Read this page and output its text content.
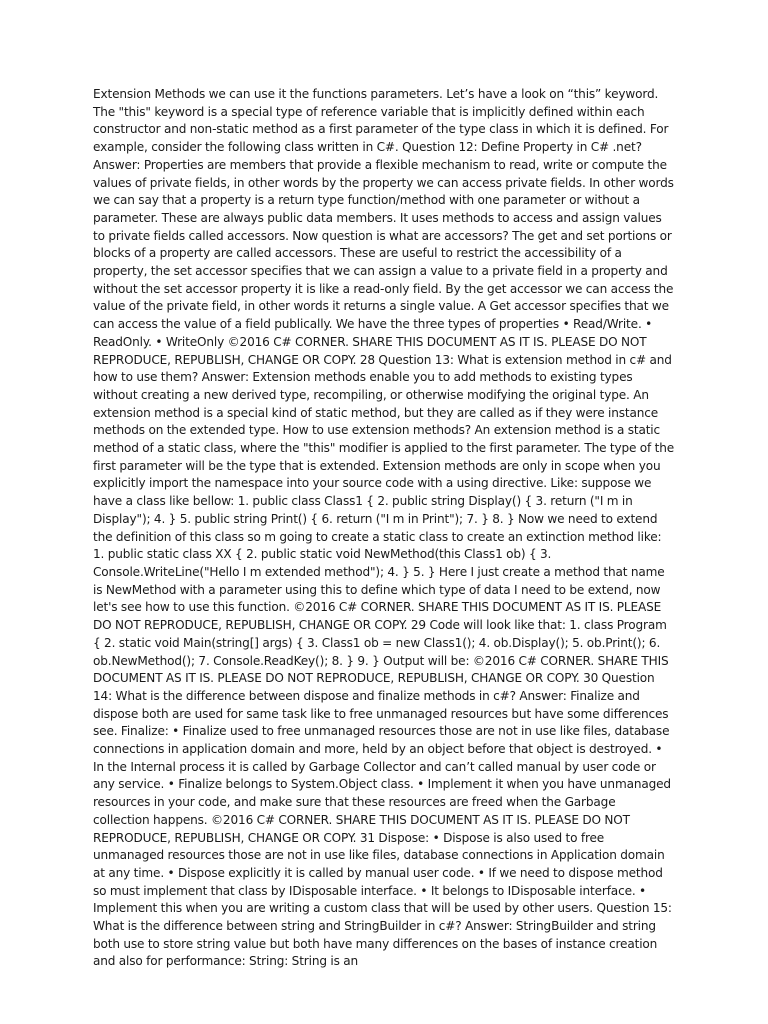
Extension Methods we can use it the functions parameters. Let’s have a look on “this” keyword. The "this" keyword is a special type of reference variable that is implicitly defined within each constructor and non-static method as a first parameter of the type class in which it is defined. For example, consider the following class written in C#. Question 12: Define Property in C# .net? Answer: Properties are members that provide a flexible mechanism to read, write or compute the values of private fields, in other words by the property we can access private fields. In other words we can say that a property is a return type function/method with one parameter or without a parameter. These are always public data members. It uses methods to access and assign values to private fields called accessors. Now question is what are accessors? The get and set portions or blocks of a property are called accessors. These are useful to restrict the accessibility of a property, the set accessor specifies that we can assign a value to a private field in a property and without the set accessor property it is like a read-only field. By the get accessor we can access the value of the private field, in other words it returns a single value. A Get accessor specifies that we can access the value of a field publically. We have the three types of properties • Read/Write. • ReadOnly. • WriteOnly ©2016 C# CORNER. SHARE THIS DOCUMENT AS IT IS. PLEASE DO NOT REPRODUCE, REPUBLISH, CHANGE OR COPY. 28 Question 13: What is extension method in c# and how to use them? Answer: Extension methods enable you to add methods to existing types without creating a new derived type, recompiling, or otherwise modifying the original type. An extension method is a special kind of static method, but they are called as if they were instance methods on the extended type. How to use extension methods? An extension method is a static method of a static class, where the "this" modifier is applied to the first parameter. The type of the first parameter will be the type that is extended. Extension methods are only in scope when you explicitly import the namespace into your source code with a using directive. Like: suppose we have a class like bellow: 1. public class Class1 { 2. public string Display() { 3. return ("I m in Display"); 4. } 5. public string Print() { 6. return ("I m in Print"); 7. } 8. } Now we need to extend the definition of this class so m going to create a static class to create an extinction method like: 1. public static class XX { 2. public static void NewMethod(this Class1 ob) { 3. Console.WriteLine("Hello I m extended method"); 4. } 5. } Here I just create a method that name is NewMethod with a parameter using this to define which type of data I need to be extend, now let's see how to use this function. ©2016 C# CORNER. SHARE THIS DOCUMENT AS IT IS. PLEASE DO NOT REPRODUCE, REPUBLISH, CHANGE OR COPY. 29 Code will look like that: 1. class Program { 2. static void Main(string[] args) { 3. Class1 ob = new Class1(); 4. ob.Display(); 5. ob.Print(); 6. ob.NewMethod(); 7. Console.ReadKey(); 8. } 9. } Output will be: ©2016 C# CORNER. SHARE THIS DOCUMENT AS IT IS. PLEASE DO NOT REPRODUCE, REPUBLISH, CHANGE OR COPY. 30 Question 14: What is the difference between dispose and finalize methods in c#? Answer: Finalize and dispose both are used for same task like to free unmanaged resources but have some differences see. Finalize: • Finalize used to free unmanaged resources those are not in use like files, database connections in application domain and more, held by an object before that object is destroyed. • In the Internal process it is called by Garbage Collector and can’t called manual by user code or any service. • Finalize belongs to System.Object class. • Implement it when you have unmanaged resources in your code, and make sure that these resources are freed when the Garbage collection happens. ©2016 C# CORNER. SHARE THIS DOCUMENT AS IT IS. PLEASE DO NOT REPRODUCE, REPUBLISH, CHANGE OR COPY. 31 Dispose: • Dispose is also used to free unmanaged resources those are not in use like files, database connections in Application domain at any time. • Dispose explicitly it is called by manual user code. • If we need to dispose method so must implement that class by IDisposable interface. • It belongs to IDisposable interface. • Implement this when you are writing a custom class that will be used by other users. Question 15: What is the difference between string and StringBuilder in c#? Answer: StringBuilder and string both use to store string value but both have many differences on the bases of instance creation and also for performance: String: String is an
